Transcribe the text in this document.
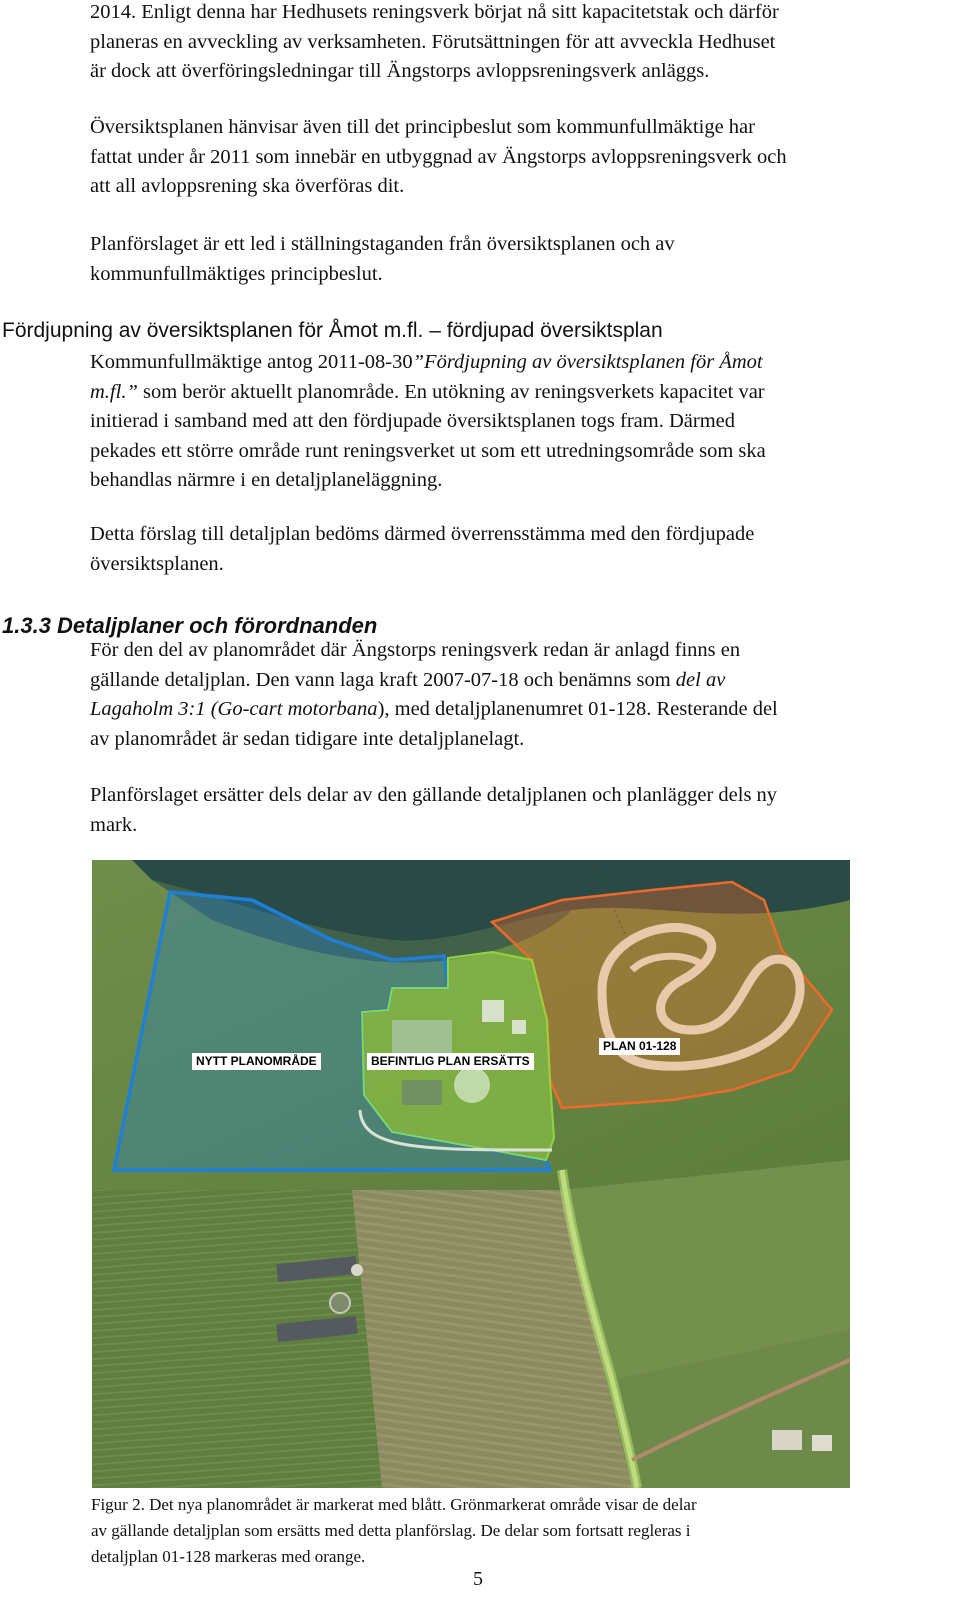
2014. Enligt denna har Hedhusets reningsverk börjat nå sitt kapacitetstak och därför
planeras en avveckling av verksamheten. Förutsättningen för att avveckla Hedhuset
är dock att överföringsledningar till Ängstorps avloppsreningsverk anläggs.

Översiktsplanen hänvisar även till det principbeslut som kommunfullmäktige har
fattat under år 2011 som innebär en utbyggnad av Ängstorps avloppsreningsverk och
att all avloppsrening ska överföras dit.

Planförslaget är ett led i ställningstaganden från översiktsplanen och av
kommunfullmäktiges principbeslut.

Fördjupning av översiktsplanen för Åmot m.fl. – fördjupad översiktsplan

Kommunfullmäktige antog 2011-08-30”Fördjupning av översiktsplanen för Åmot
m.fl.” som berör aktuellt planområde. En utökning av reningsverkets kapacitet var
initierad i samband med att den fördjupade översiktsplanen togs fram. Därmed
pekades ett större område runt reningsverket ut som ett utredningsområde som ska
behandlas närmre i en detaljplaneläggning.

Detta förslag till detaljplan bedöms därmed överrensstämma med den fördjupade
översiktsplanen.

1.3.3 Detaljplaner och förordnanden

För den del av planområdet där Ängstorps reningsverk redan är anlagd finns en
gällande detaljplan. Den vann laga kraft 2007-07-18 och benämns som del av
Lagaholm 3:1 (Go-cart motorbana), med detaljplanenumret 01-128. Resterande del
av planområdet är sedan tidigare inte detaljplanelagt.

Planförslaget ersätter dels delar av den gällande detaljplanen och planlägger dels ny
mark.

NYTT PLANOMRÅDE	BEFINTLIG PLAN ERSÄTTS
PLAN 01-128

Figur 2. Det nya planområdet är markerat med blått. Grönmarkerat område visar de delar
av gällande detaljplan som ersätts med detta planförslag. De delar som fortsatt regleras i
detaljplan 01-128 markeras med orange.

5
